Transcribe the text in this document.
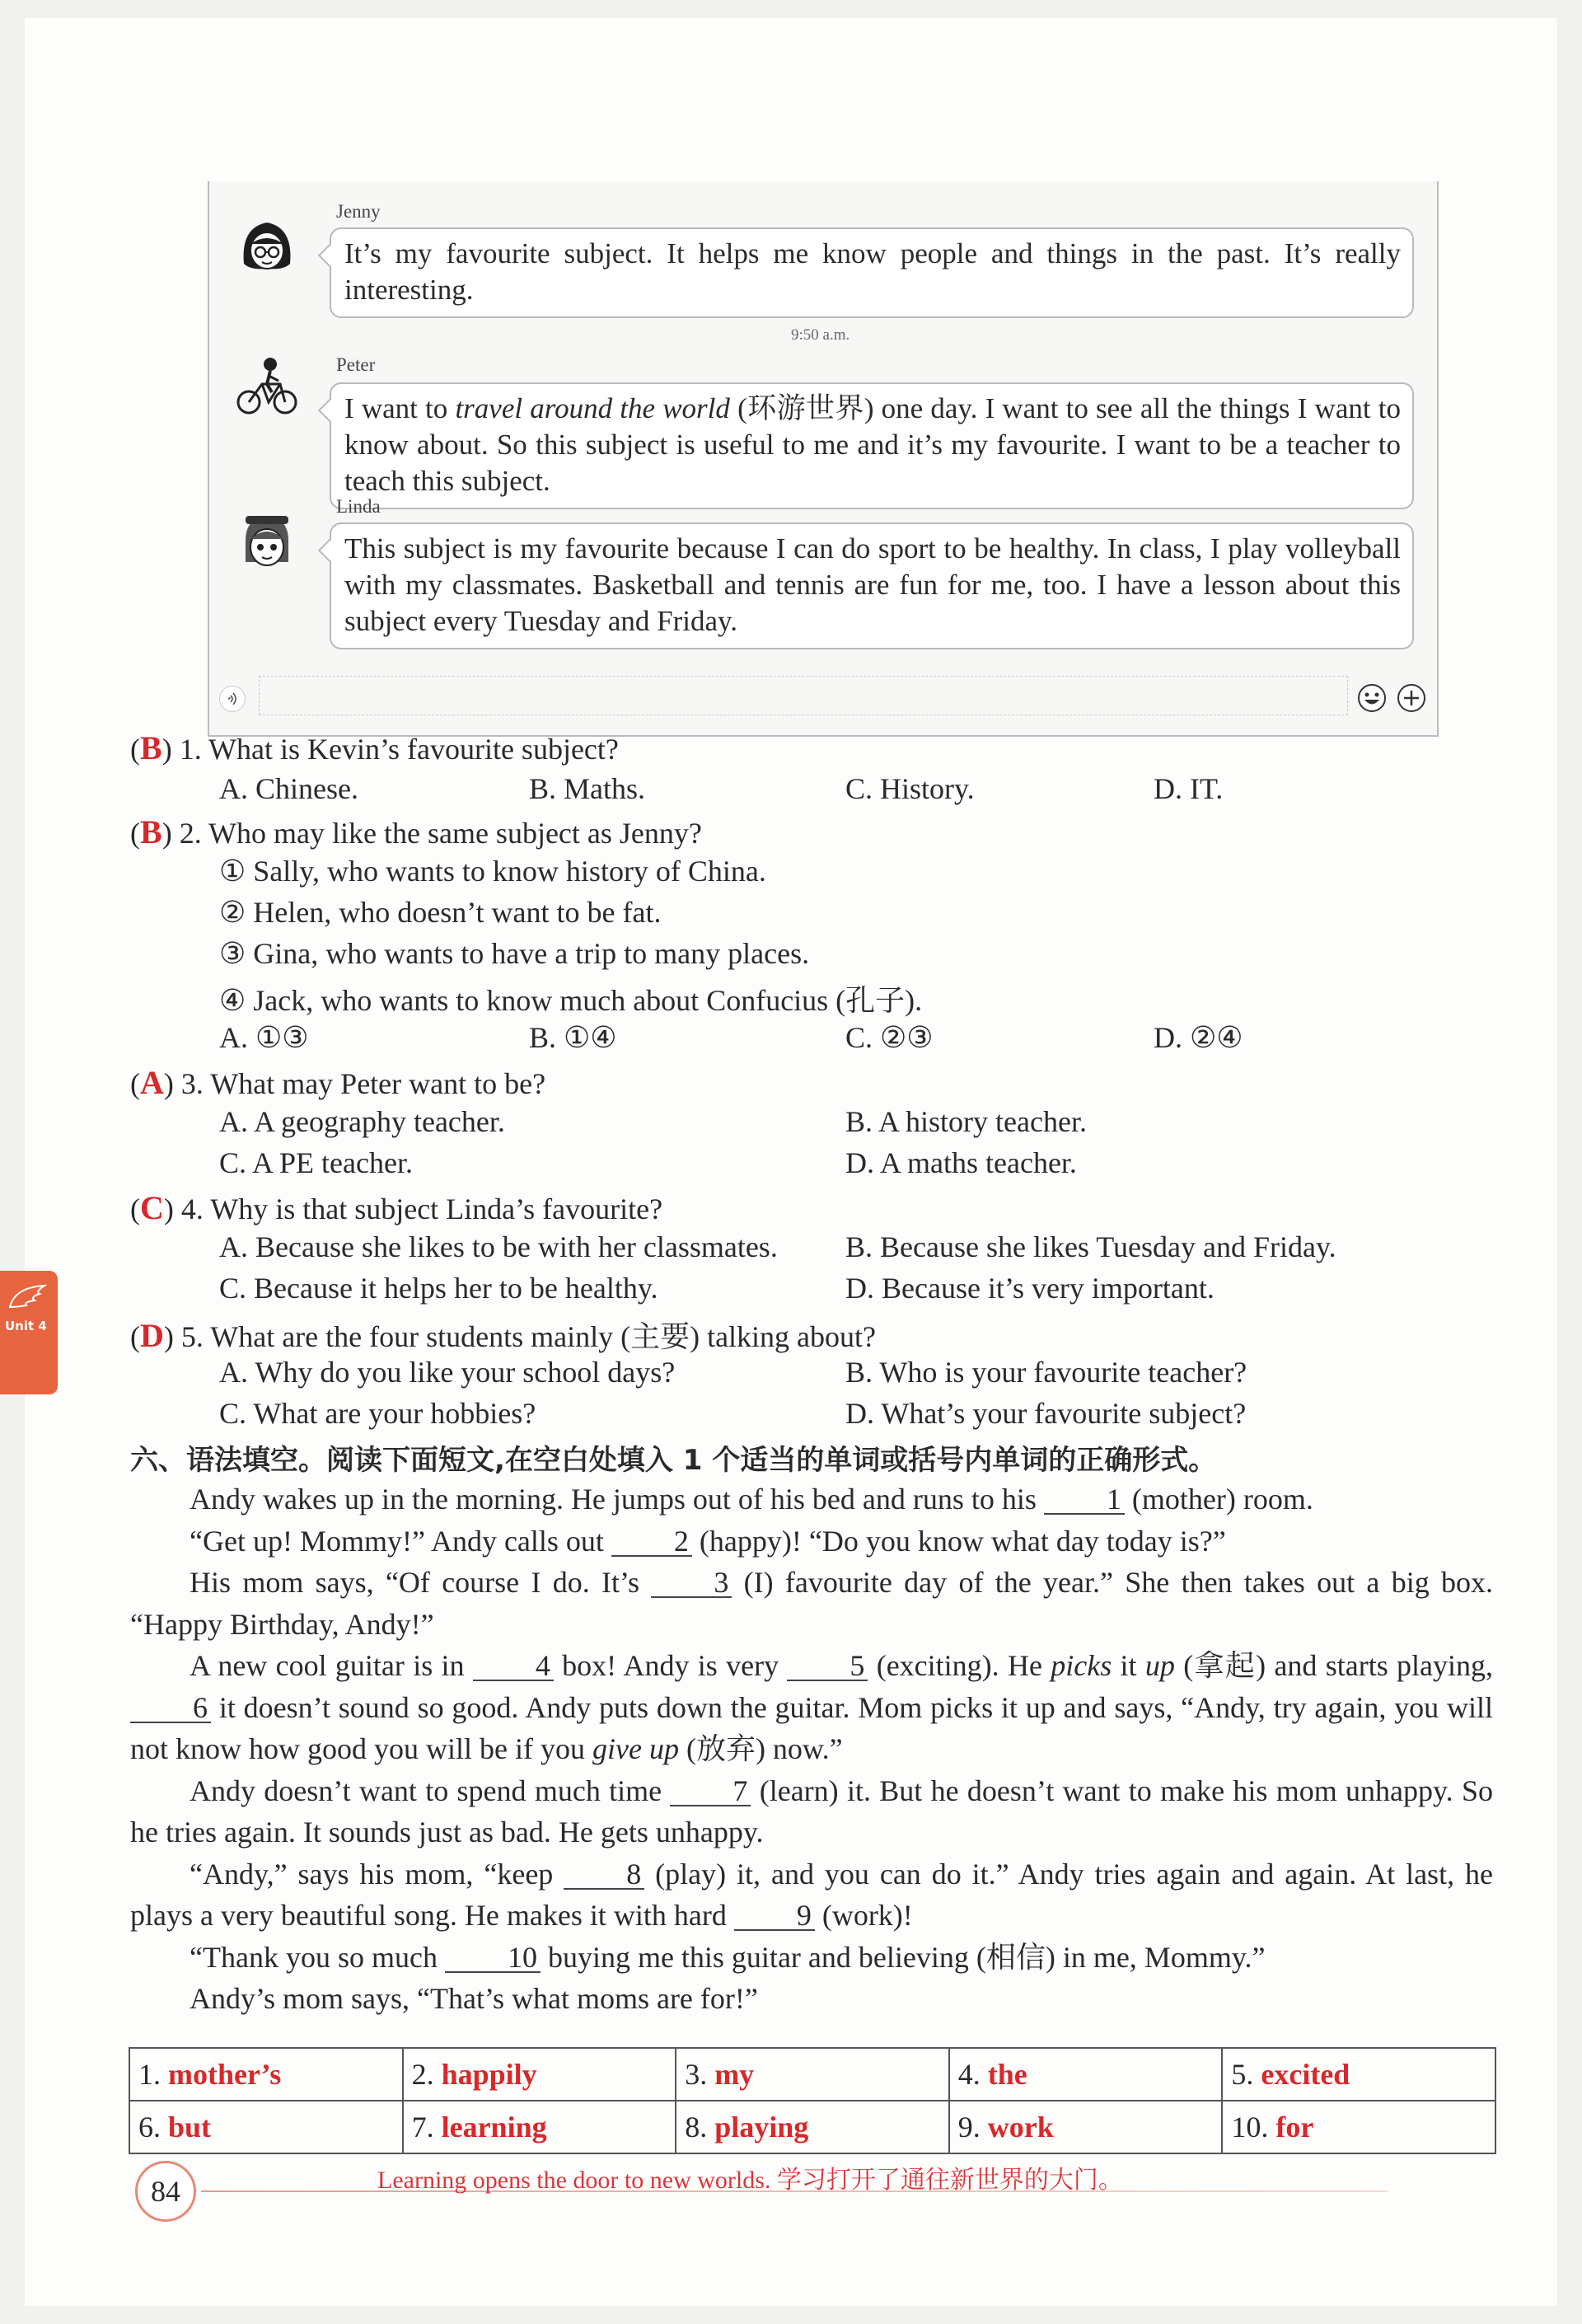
Jenny
It’s my favourite subject. It helps me know people and things in the past. It’s really interesting.
9:50 a.m.
Peter
I want to travel around the world (环游世界) one day. I want to see all the things I want to know about. So this subject is useful to me and it’s my favourite. I want to be a teacher to teach this subject.
Linda
This subject is my favourite because I can do sport to be healthy. In class, I play volleyball with my classmates. Basketball and tennis are fun for me, too. I have a lesson about this subject every Tuesday and Friday.
(B) 1. What is Kevin’s favourite subject?
A. Chinese.	B. Maths.	C. History.	D. IT.
(B) 2. Who may like the same subject as Jenny?
① Sally, who wants to know history of China.
② Helen, who doesn’t want to be fat.
③ Gina, who wants to have a trip to many places.
④ Jack, who wants to know much about Confucius (孔子).
A. ①③	B. ①④	C. ②③	D. ②④
(A) 3. What may Peter want to be?
A. A geography teacher.	B. A history teacher.
C. A PE teacher.	D. A maths teacher.
(C) 4. Why is that subject Linda’s favourite?
A. Because she likes to be with her classmates. B. Because she likes Tuesday and Friday.
C. Because it helps her to be healthy.	D. Because it’s very important.
(D) 5. What are the four students mainly (主要) talking about?
A. Why do you like your school days?	B. Who is your favourite teacher?
C. What are your hobbies?	D. What’s your favourite subject?
六、语法填空。阅读下面短文,在空白处填入 1 个适当的单词或括号内单词的正确形式。
Andy wakes up in the morning. He jumps out of his bed and runs to his 1 (mother) room.
“Get up! Mommy!” Andy calls out 2 (happy)! “Do you know what day today is?”
His mom says, “Of course I do. It’s 3 (I) favourite day of the year.” She then takes out a big box. “Happy Birthday, Andy!”
A new cool guitar is in 4 box! Andy is very 5 (exciting). He picks it up (拿起) and starts playing, 6 it doesn’t sound so good. Andy puts down the guitar. Mom picks it up and says, “Andy, try again, you will not know how good you will be if you give up (放弃) now.”
Andy doesn’t want to spend much time 7 (learn) it. But he doesn’t want to make his mom unhappy. So he tries again. It sounds just as bad. He gets unhappy.
“Andy,” says his mom, “keep 8 (play) it, and you can do it.” Andy tries again and again. At last, he plays a very beautiful song. He makes it with hard 9 (work)!
“Thank you so much 10 buying me this guitar and believing (相信) in me, Mommy.”
Andy’s mom says, “That’s what moms are for!”
1. mother’s	2. happily	3. my	4. the	5. excited
6. but	7. learning	8. playing	9. work	10. for
84	Learning opens the door to new worlds. 学习打开了通往新世界的大门。
Unit 4
